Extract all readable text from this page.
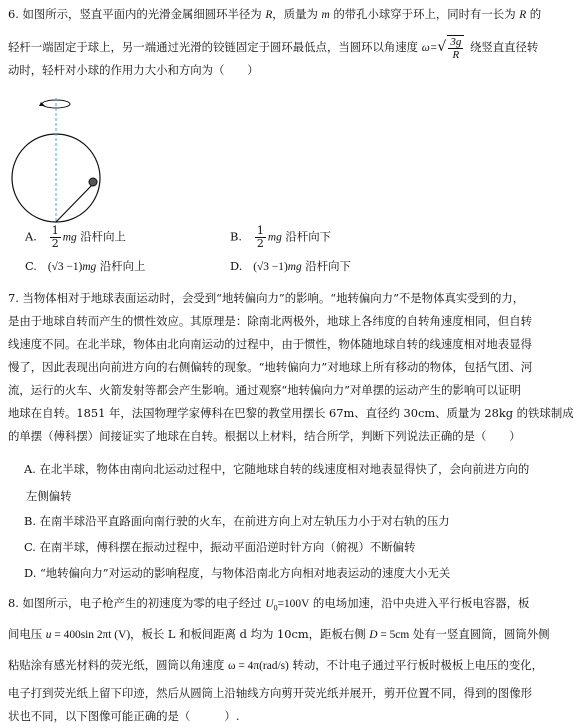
6. 如图所示，竖直平面内的光滑金属细圆环半径为 R，质量为 m 的带孔小球穿于环上，同时有一长为 R 的
轻杆一端固定于球上，另一端通过光滑的铰链固定于圆环最低点，当圆环以角速度 $\omega=√ \frac{3g}{R}$ 绕竖直直径转
动时，轻杆对小球的作用力大小和方向为（　　）
A. $\frac{1}{2}$ mg 沿杆向上	B. $\frac{1}{2}$ mg 沿杆向下
C. (√3 −1)mg 沿杆向上	D. (√3 −1)mg 沿杆向下
7. 当物体相对于地球表面运动时，会受到“地转偏向力”的影响。“地转偏向力”不是物体真实受到的力，
是由于地球自转而产生的惯性效应。其原理是：除南北两极外，地球上各纬度的自转角速度相同，但自转
线速度不同。在北半球，物体由北向南运动的过程中，由于惯性，物体随地球自转的线速度相对地表显得
慢了，因此表现出向前进方向的右侧偏转的现象。“地转偏向力”对地球上所有移动的物体，包括气团、河
流，运行的火车、火箭发射等都会产生影响。通过观察“地转偏向力”对单摆的运动产生的影响可以证明
地球在自转。1851 年，法国物理学家傅科在巴黎的教堂用摆长 67m、直径约 30cm、质量为 28kg 的铁球制成
的单摆（傅科摆）间接证实了地球在自转。根据以上材料，结合所学，判断下列说法正确的是（　　）
A. 在北半球，物体由南向北运动过程中，它随地球自转的线速度相对地表显得快了，会向前进方向的
左侧偏转
B. 在南半球沿平直路面向南行驶的火车，在前进方向上对左轨压力小于对右轨的压力
C. 在南半球，傅科摆在振动过程中，振动平面沿逆时针方向（俯视）不断偏转
D. “地转偏向力”对运动的影响程度，与物体沿南北方向相对地表运动的速度大小无关
8. 如图所示，电子枪产生的初速度为零的电子经过 $U_0=100V$ 的电场加速，沿中央进入平行板电容器，板
间电压 u = 400sin 2πt (V)，板长 L 和板间距离 d 均为 10cm，距板右侧 D = 5cm 处有一竖直圆筒，圆筒外侧
粘贴涂有感光材料的荧光纸，圆筒以角速度 ω = 4π(rad/s) 转动，不计电子通过平行板时极板上电压的变化，
电子打到荧光纸上留下印迹，然后从圆筒上沿轴线方向剪开荧光纸并展开，剪开位置不同，得到的图像形
状也不同，以下图像可能正确的是（　　　）.
